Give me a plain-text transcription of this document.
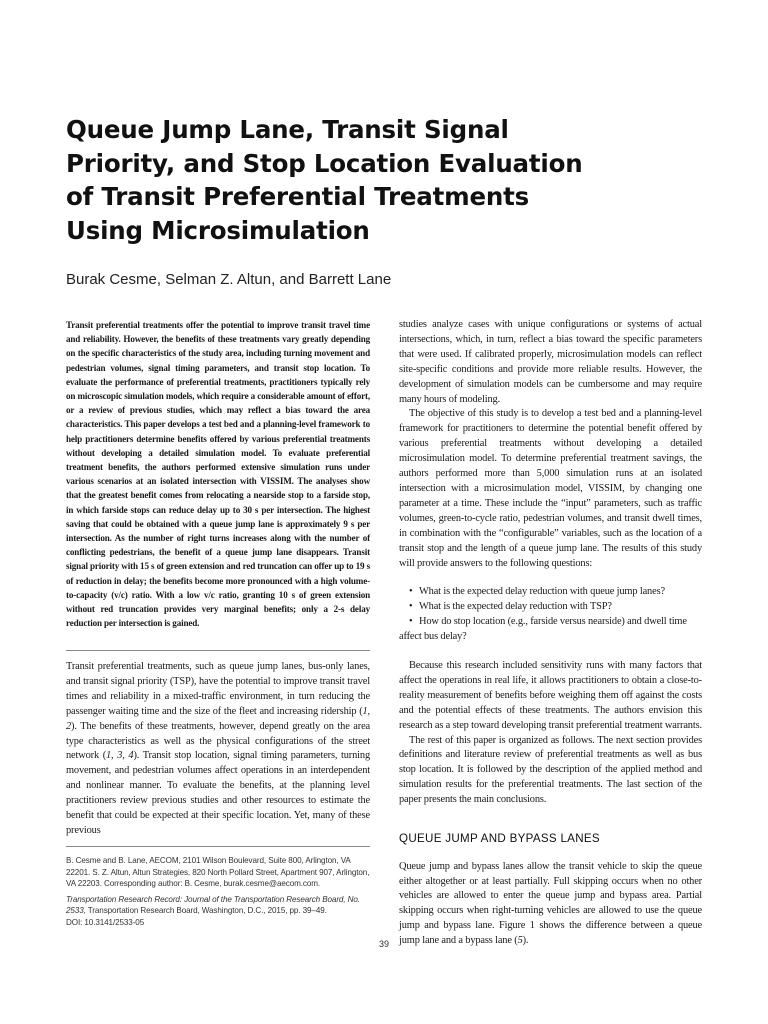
Queue Jump Lane, Transit Signal
Priority, and Stop Location Evaluation
of Transit Preferential Treatments
Using Microsimulation
Burak Cesme, Selman Z. Altun, and Barrett Lane

Transit preferential treatments offer the potential to improve transit travel time and reliability. However, the benefits of these treatments vary greatly depending on the specific characteristics of the study area, including turning movement and pedestrian volumes, signal timing parameters, and transit stop location. To evaluate the performance of preferential treatments, practitioners typically rely on microscopic simulation models, which require a considerable amount of effort, or a review of previous studies, which may reflect a bias toward the area characteristics. This paper develops a test bed and a planning-level framework to help practitioners determine benefits offered by various preferential treatments without developing a detailed simulation model. To evaluate preferential treatment benefits, the authors performed extensive simulation runs under various scenarios at an isolated intersection with VISSIM. The analyses show that the greatest benefit comes from relocating a nearside stop to a farside stop, in which farside stops can reduce delay up to 30 s per intersection. The highest saving that could be obtained with a queue jump lane is approximately 9 s per intersection. As the number of right turns increases along with the number of conflicting pedestrians, the benefit of a queue jump lane disappears. Transit signal priority with 15 s of green extension and red truncation can offer up to 19 s of reduction in delay; the benefits become more pronounced with a high volume-to-capacity (v/c) ratio. With a low v/c ratio, granting 10 s of green extension without red truncation provides very marginal benefits; only a 2-s delay reduction per intersection is gained.

Transit preferential treatments, such as queue jump lanes, bus-only lanes, and transit signal priority (TSP), have the potential to improve transit travel times and reliability in a mixed-traffic environment, in turn reducing the passenger waiting time and the size of the fleet and increasing ridership (1, 2). The benefits of these treatments, however, depend greatly on the area type characteristics as well as the physical configurations of the street network (1, 3, 4). Transit stop location, signal timing parameters, turning movement, and pedestrian volumes affect operations in an interdependent and nonlinear manner. To evaluate the benefits, at the planning level practitioners review previous studies and other resources to estimate the benefit that could be expected at their specific location. Yet, many of these previous

B. Cesme and B. Lane, AECOM, 2101 Wilson Boulevard, Suite 800, Arlington, VA 22201. S. Z. Altun, Altun Strategies, 820 North Pollard Street, Apartment 907, Arlington, VA 22203. Corresponding author: B. Cesme, burak.cesme@aecom.com.

Transportation Research Record: Journal of the Transportation Research Board, No. 2533, Transportation Research Board, Washington, D.C., 2015, pp. 39–49.
DOI: 10.3141/2533-05

studies analyze cases with unique configurations or systems of actual intersections, which, in turn, reflect a bias toward the specific parameters that were used. If calibrated properly, microsimulation models can reflect site-specific conditions and provide more reliable results. However, the development of simulation models can be cumbersome and may require many hours of modeling.

The objective of this study is to develop a test bed and a planning-level framework for practitioners to determine the potential benefit offered by various preferential treatments without developing a detailed microsimulation model. To determine preferential treatment savings, the authors performed more than 5,000 simulation runs at an isolated intersection with a microsimulation model, VISSIM, by changing one parameter at a time. These include the “input” parameters, such as traffic volumes, green-to-cycle ratio, pedestrian volumes, and transit dwell times, in combination with the “configurable” variables, such as the location of a transit stop and the length of a queue jump lane. The results of this study will provide answers to the following questions:

• What is the expected delay reduction with queue jump lanes?
• What is the expected delay reduction with TSP?
• How do stop location (e.g., farside versus nearside) and dwell time affect bus delay?

Because this research included sensitivity runs with many factors that affect the operations in real life, it allows practitioners to obtain a close-to-reality measurement of benefits before weighing them off against the costs and the potential effects of these treatments. The authors envision this research as a step toward developing transit preferential treatment warrants.

The rest of this paper is organized as follows. The next section provides definitions and literature review of preferential treatments as well as bus stop location. It is followed by the description of the applied method and simulation results for the preferential treatments. The last section of the paper presents the main conclusions.

QUEUE JUMP AND BYPASS LANES

Queue jump and bypass lanes allow the transit vehicle to skip the queue either altogether or at least partially. Full skipping occurs when no other vehicles are allowed to enter the queue jump and bypass area. Partial skipping occurs when right-turning vehicles are allowed to use the queue jump and bypass lane. Figure 1 shows the difference between a queue jump lane and a bypass lane (5).

39
